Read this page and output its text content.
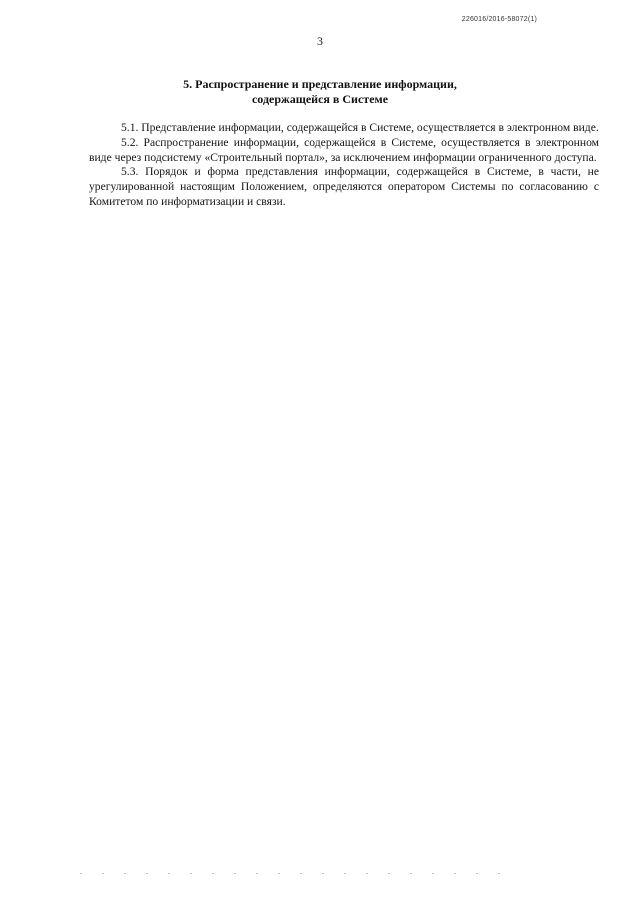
226016/2016-58072(1)
3
5. Распространение и представление информации,
содержащейся в Системе

5.1. Представление информации, содержащейся в Системе, осуществляется в электронном виде.

5.2. Распространение информации, содержащейся в Системе, осуществляется в электронном виде через подсистему «Строительный портал», за исключением информации ограниченного доступа.

5.3. Порядок и форма представления информации, содержащейся в Системе, в части, не урегулированной настоящим Положением, определяются оператором Системы по согласованию с Комитетом по информатизации и связи.
